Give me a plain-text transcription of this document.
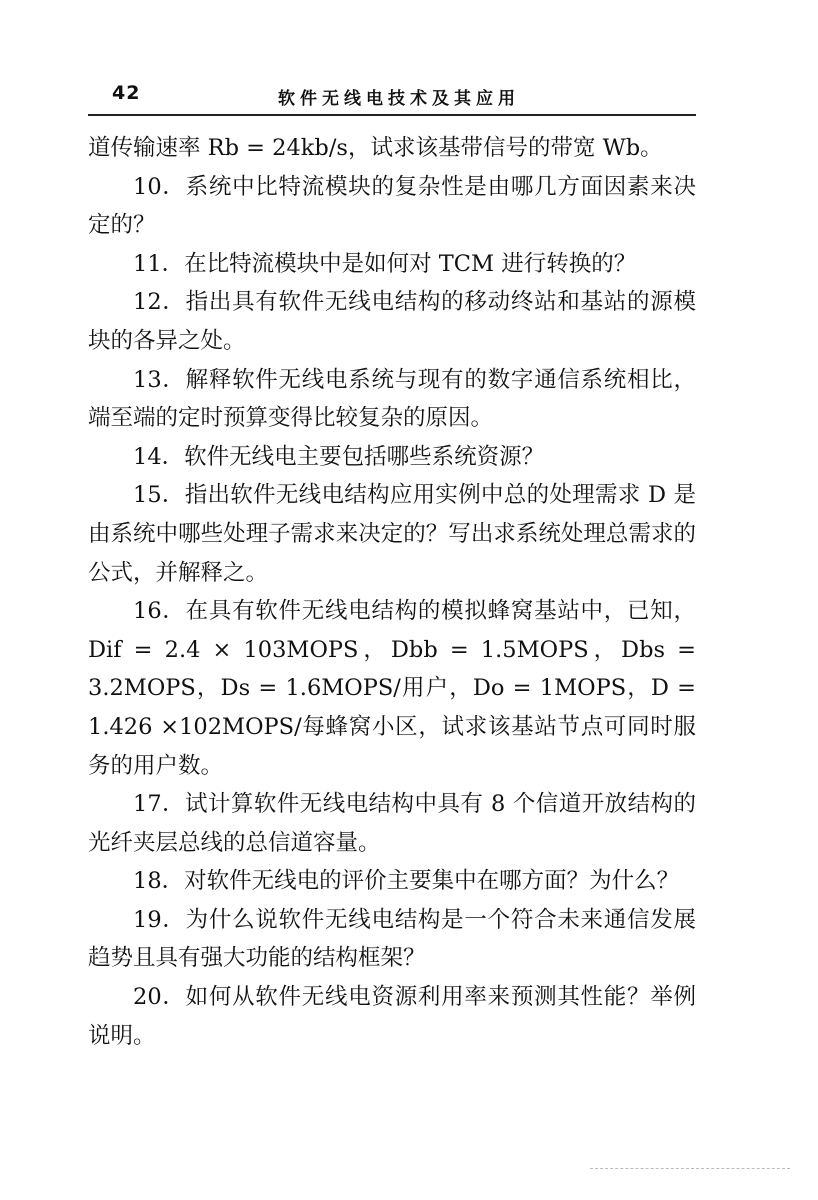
42	软件无线电技术及其应用

道传输速率 Rb = 24kb/s，试求该基带信号的带宽 Wb。

10．系统中比特流模块的复杂性是由哪几方面因素来决定的？

11．在比特流模块中是如何对 TCM 进行转换的？

12．指出具有软件无线电结构的移动终站和基站的源模块的各异之处。

13．解释软件无线电系统与现有的数字通信系统相比，端至端的定时预算变得比较复杂的原因。

14．软件无线电主要包括哪些系统资源？

15．指出软件无线电结构应用实例中总的处理需求 D 是由系统中哪些处理子需求来决定的？写出求系统处理总需求的公式，并解释之。

16．在具有软件无线电结构的模拟蜂窝基站中，已知，Dif = 2.4 × 103MOPS，Dbb = 1.5MOPS，Dbs = 3.2MOPS，Ds = 1.6MOPS/用户，Do = 1MOPS，D = 1.426 ×102MOPS/每蜂窝小区，试求该基站节点可同时服务的用户数。

17．试计算软件无线电结构中具有 8 个信道开放结构的光纤夹层总线的总信道容量。

18．对软件无线电的评价主要集中在哪方面？为什么？

19．为什么说软件无线电结构是一个符合未来通信发展趋势且具有强大功能的结构框架？

20．如何从软件无线电资源利用率来预测其性能？举例说明。
